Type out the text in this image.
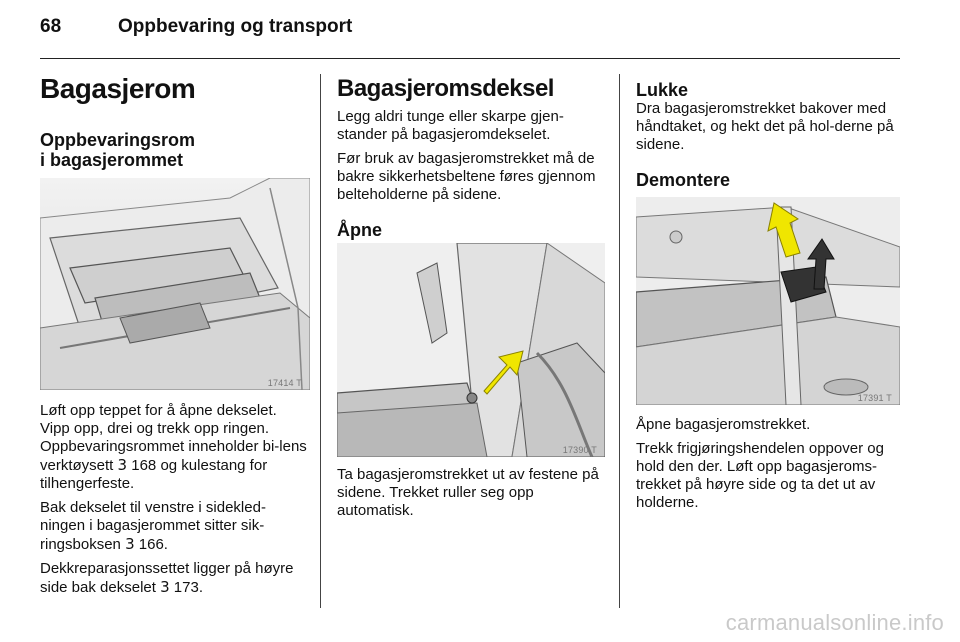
68	Oppbevaring og transport
Bagasjerom
Oppbevaringsrom
i bagasjerommet
17414 T

Løft opp teppet for å åpne dekselet. Vipp opp, drei og trekk opp ringen. Oppbevaringsrommet inneholder bi-lens verktøysett 3 168 og kulestang for tilhengerfeste.

Bak dekselet til venstre i sidekled-ningen i bagasjerommet sitter sik-ringsboksen 3 166.

Dekkreparasjonssettet ligger på høyre side bak dekselet 3 173.

Bagasjeromsdeksel

Legg aldri tunge eller skarpe gjen-stander på bagasjeromdekselet.

Før bruk av bagasjeromstrekket må de bakre sikkerhetsbeltene føres gjennom belteholderne på sidene.

Åpne
17390 T

Ta bagasjeromstrekket ut av festene på sidene. Trekket ruller seg opp automatisk.

Lukke

Dra bagasjeromstrekket bakover med håndtaket, og hekt det på hol-derne på sidene.

Demontere
17391 T

Åpne bagasjeromstrekket.

Trekk frigjøringshendelen oppover og hold den der. Løft opp bagasjeroms-trekket på høyre side og ta det ut av holderne.

carmanualsonline.info
